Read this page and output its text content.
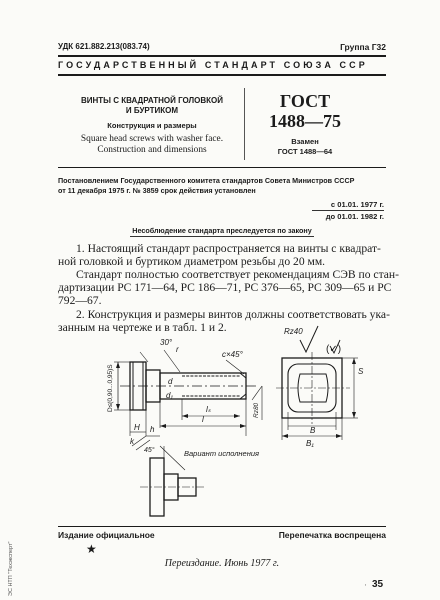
УДК 621.882.213(083.74)	Группа Г32
ГОСУДАРСТВЕННЫЙ СТАНДАРТ СОЮЗА ССР
ВИНТЫ С КВАДРАТНОЙ ГОЛОВКОЙ
И БУРТИКОМ
Конструкция и размеры
Square head screws with washer face.
Construction and dimensions
ГОСТ
1488—75
Взамен
ГОСТ 1488—64
Постановлением Государственного комитета стандартов Совета Министров СССР
от 11 декабря 1975 г. № 3859 срок действия установлен
с 01.01. 1977 г.
до 01.01. 1982 г.
Несоблюдение стандарта преследуется по закону
1. Настоящий стандарт распространяется на винты с квадрат-
ной головкой и буртиком диаметром резьбы до 20 мм.
Стандарт полностью соответствует рекомендациям СЭВ по стан-
дартизации PC 171—64, PC 186—71, PC 376—65, PC 309—65 и PC
792—67.
2. Конструкция и размеры винтов должны соответствовать ука-
занным на чертеже и в табл. 1 и 2.
D≤(0,90...0,95)S
30°
r
c×45°
d
d₁
lₛ
l
h
H
k
Rz80
Rz40
(✓)
S
B
B₁
45°	Вариант исполнения
Издание официальное	Перепечатка воспрещена
★
Переиздание. Июнь 1977 г.
· 35
ЭС НТП "Техэксперт"
